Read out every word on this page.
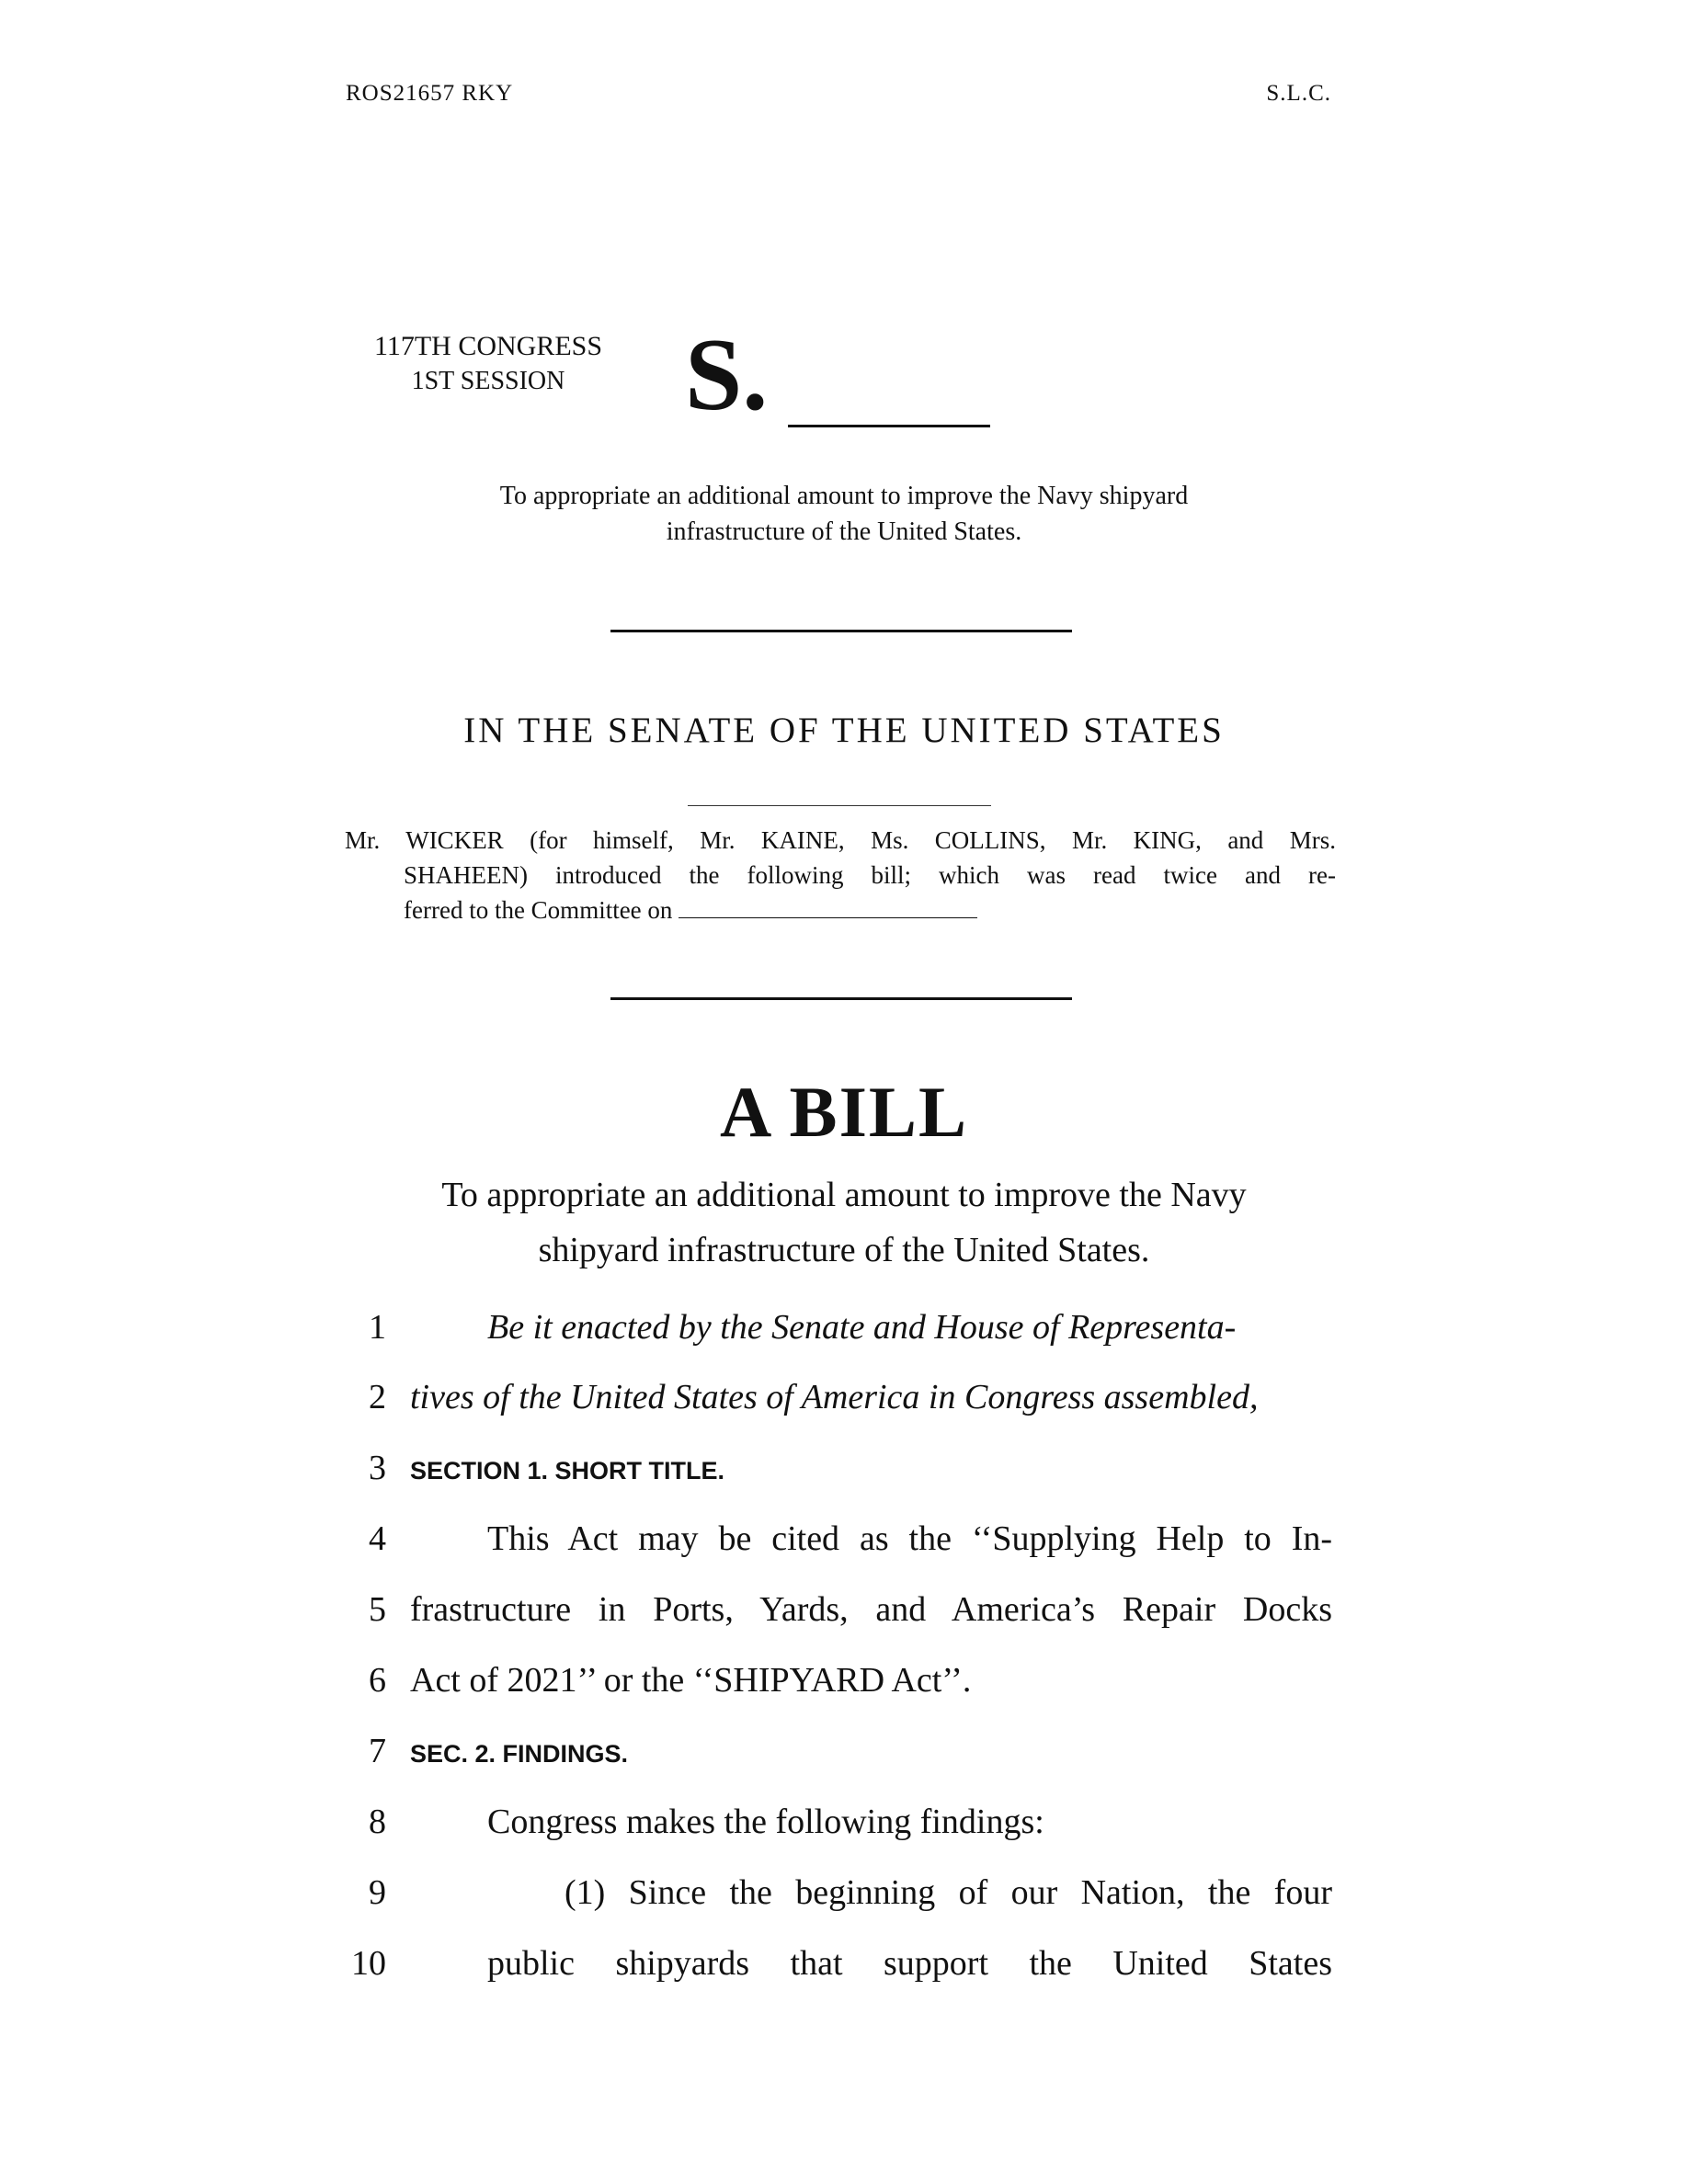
ROS21657 RKY	S.L.C.
117TH CONGRESS
1ST SESSION	S.
To appropriate an additional amount to improve the Navy shipyard
infrastructure of the United States.
IN THE SENATE OF THE UNITED STATES
Mr. WICKER (for himself, Mr. KAINE, Ms. COLLINS, Mr. KING, and Mrs.
SHAHEEN) introduced the following bill; which was read twice and re-
ferred to the Committee on
A BILL
To appropriate an additional amount to improve the Navy
shipyard infrastructure of the United States.
1	Be it enacted by the Senate and House of Representa-
2 tives of the United States of America in Congress assembled,
3 SECTION 1. SHORT TITLE.
4	This Act may be cited as the ‘‘Supplying Help to In-
5 frastructure in Ports, Yards, and America’s Repair Docks
6 Act of 2021’’ or the ‘‘SHIPYARD Act’’.
7 SEC. 2. FINDINGS.
8	Congress makes the following findings:
9	(1) Since the beginning of our Nation, the four
10	public shipyards that support the United States
